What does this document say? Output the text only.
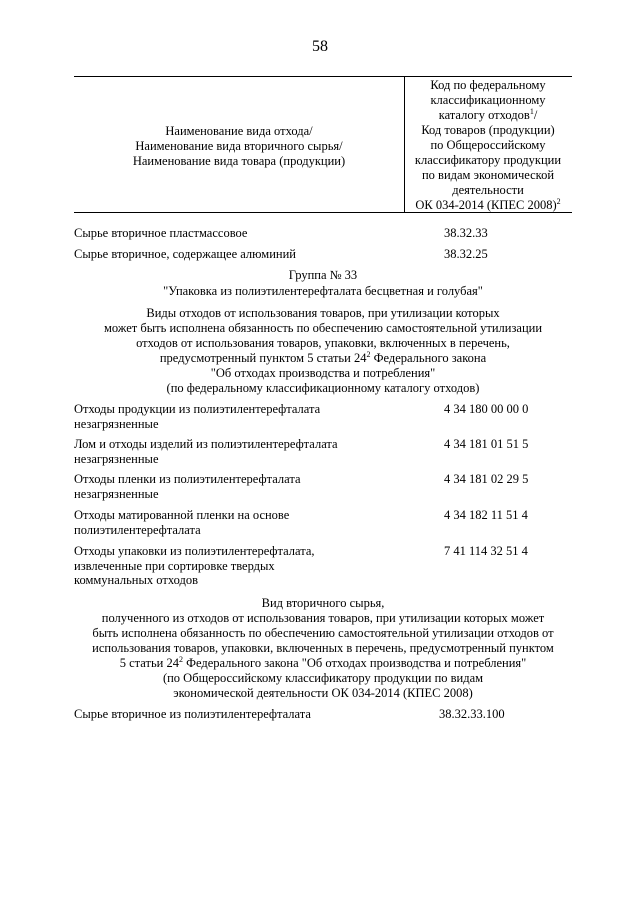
58
Наименование вида отхода/
Наименование вида вторичного сырья/
Наименование вида товара (продукции)
Код по федеральному
классификационному
каталогу отходов$^1$/
Код товаров (продукции)
по Общероссийскому
классификатору продукции
по видам экономической
деятельности
ОК 034-2014 (КПЕС 2008)$^2$
Сырье вторичное пластмассовое	38.32.33
Сырье вторичное, содержащее алюминий	38.32.25
Группа № 33
"Упаковка из полиэтилентерефталата бесцветная и голубая"
Виды отходов от использования товаров, при утилизации которых
может быть исполнена обязанность по обеспечению самостоятельной утилизации
отходов от использования товаров, упаковки, включенных в перечень,
предусмотренный пунктом 5 статьи $24^2$ Федерального закона
"Об отходах производства и потребления"
(по федеральному классификационному каталогу отходов)
Отходы продукции из полиэтилентерефталата незагрязненные
4 34 180 00 00 0
Лом и отходы изделий из полиэтилентерефталата незагрязненные
4 34 181 01 51 5
Отходы пленки из полиэтилентерефталата незагрязненные
4 34 181 02 29 5
Отходы матированной пленки на основе полиэтилентерефталата
4 34 182 11 51 4
Отходы упаковки из полиэтилентерефталата, извлеченные при сортировке твердых коммунальных отходов
7 41 114 32 51 4
Вид вторичного сырья,
полученного из отходов от использования товаров, при утилизации которых может
быть исполнена обязанность по обеспечению самостоятельной утилизации отходов от
использования товаров, упаковки, включенных в перечень, предусмотренный пунктом
5 статьи $24^2$ Федерального закона "Об отходах производства и потребления"
(по Общероссийскому классификатору продукции по видам
экономической деятельности ОК 034-2014 (КПЕС 2008)
Сырье вторичное из полиэтилентерефталата	38.32.33.100
